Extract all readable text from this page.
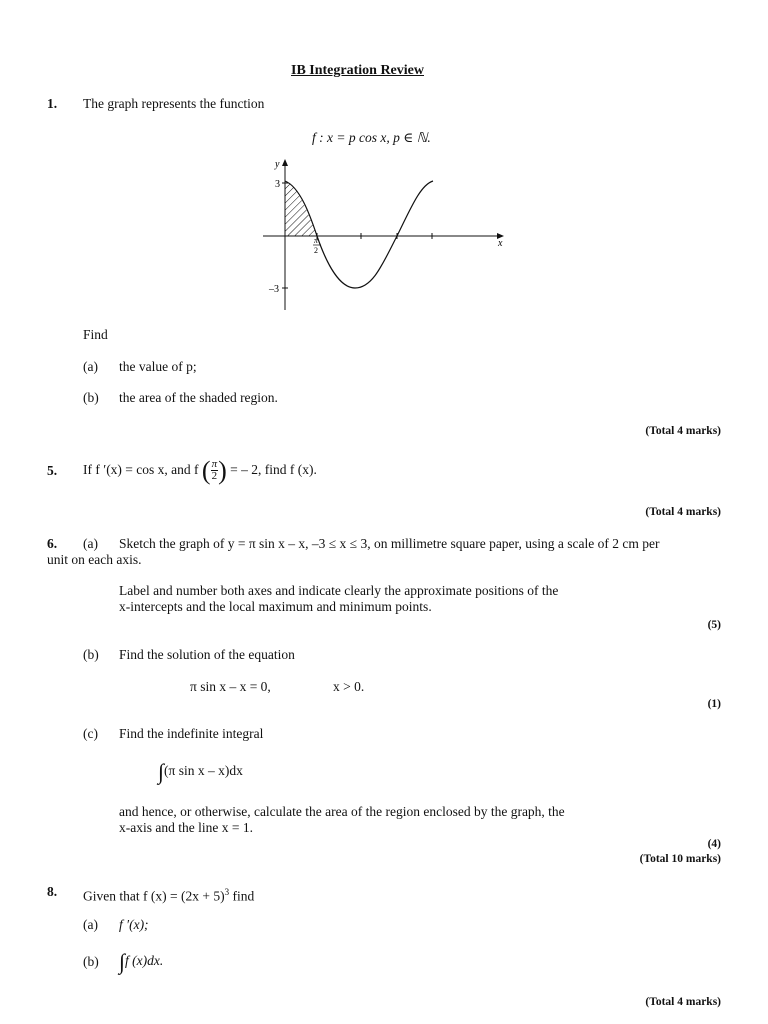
IB Integration Review
1. The graph represents the function
f : x = p cos x, p ∈ ℕ.
y
x
3
–3
π
2
Find
(a) the value of p;
(b) the area of the shaded region.
(Total 4 marks)
5. If f ′(x) = cos x, and f ( $\frac{\pi}{2}$ ) = – 2, find f (x).
(Total 4 marks)
6. (a) Sketch the graph of y = π sin x – x, –3 ≤ x ≤ 3, on millimetre square paper, using a scale of 2 cm per
unit on each axis.
Label and number both axes and indicate clearly the approximate positions of the
x-intercepts and the local maximum and minimum points.
(5)
(b) Find the solution of the equation
π sin x – x = 0,	x > 0.
(1)
(c) Find the indefinite integral
∫(π sin x – x)dx
and hence, or otherwise, calculate the area of the region enclosed by the graph, the
x-axis and the line x = 1.
(4)
(Total 10 marks)
8. Given that f $(x) = (2x + 5)^3$ find
(a) f ′(x);
(b) ∫f (x)dx.
(Total 4 marks)
